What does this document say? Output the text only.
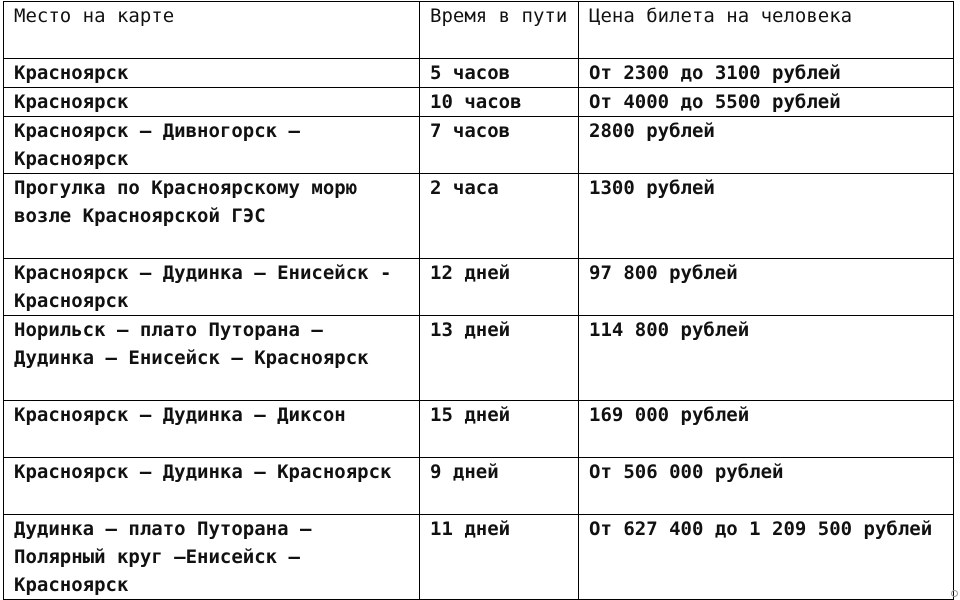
Место на карте	Время в пути	Цена билета на человека
Красноярск	5 часов	От 2300 до 3100 рублей
Красноярск	10 часов	От 4000 до 5500 рублей
Красноярск – Дивногорск – Красноярск	7 часов	2800 рублей
Прогулка по Красноярскому морю возле Красноярской ГЭС	2 часа	1300 рублей
Красноярск – Дудинка – Енисейск - Красноярск	12 дней	97 800 рублей
Норильск – плато Путорана – Дудинка – Енисейск – Красноярск	13 дней	114 800 рублей
Красноярск – Дудинка – Диксон	15 дней	169 000 рублей
Красноярск – Дудинка – Красноярск	9 дней	От 506 000 рублей
Дудинка – плато Путорана – Полярный круг –Енисейск – Красноярск	11 дней	От 627 400 до 1 209 500 рублей
